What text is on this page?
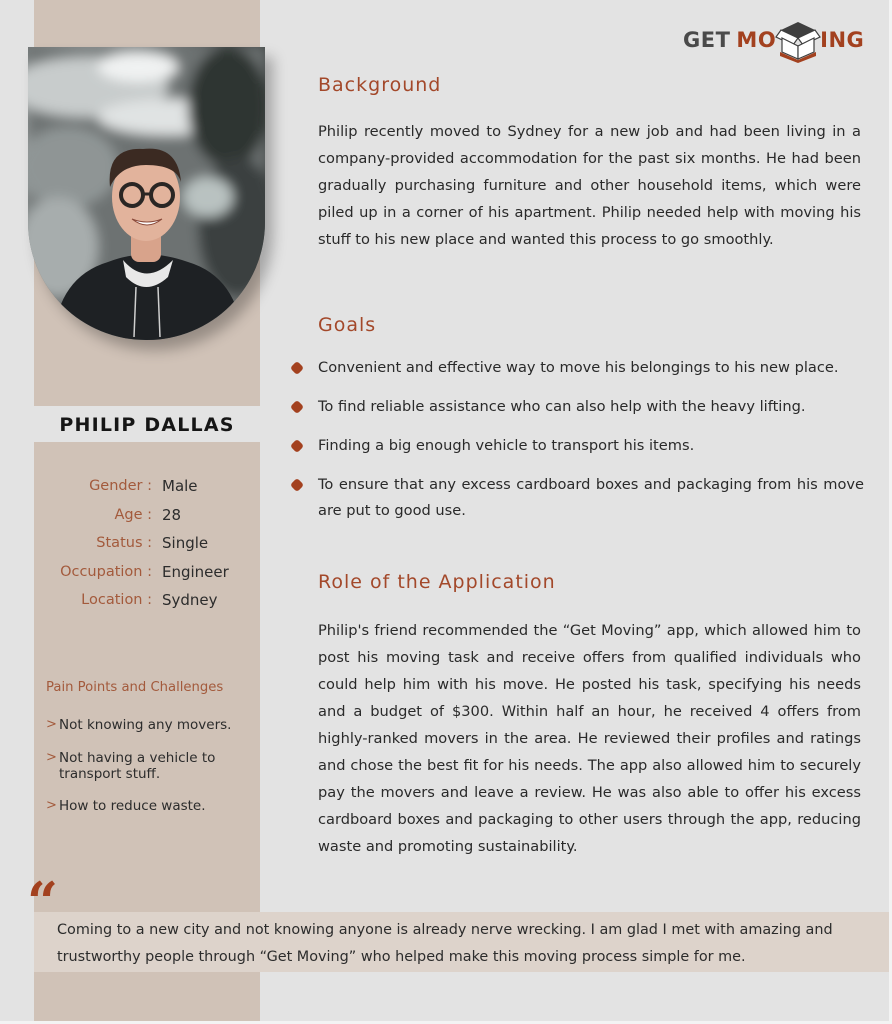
PHILIP DALLAS
Gender : Male
Age : 28
Status : Single
Occupation : Engineer
Location : Sydney
Pain Points and Challenges
> Not knowing any movers.
> Not having a vehicle to transport stuff.
> How to reduce waste.
GET MO ING
Background

Philip recently moved to Sydney for a new job and had been living in a company-provided accommodation for the past six months. He had been gradually purchasing furniture and other household items, which were piled up in a corner of his apartment. Philip needed help with moving his stuff to his new place and wanted this process to go smoothly.

Goals
Convenient and effective way to move his belongings to his new place.
To find reliable assistance who can also help with the heavy lifting.
Finding a big enough vehicle to transport his items.
To ensure that any excess cardboard boxes and packaging from his move are put to good use.
Role of the Application

Philip's friend recommended the “Get Moving” app, which allowed him to post his moving task and receive offers from qualified individuals who could help him with his move. He posted his task, specifying his needs and a budget of $300. Within half an hour, he received 4 offers from highly-ranked movers in the area. He reviewed their profiles and ratings and chose the best fit for his needs. The app also allowed him to securely pay the movers and leave a review. He was also able to offer his excess cardboard boxes and packaging to other users through the app, reducing waste and promoting sustainability.

“

Coming to a new city and not knowing anyone is already nerve wrecking. I am glad I met with amazing and trustworthy people through “Get Moving” who helped make this moving process simple for me.
